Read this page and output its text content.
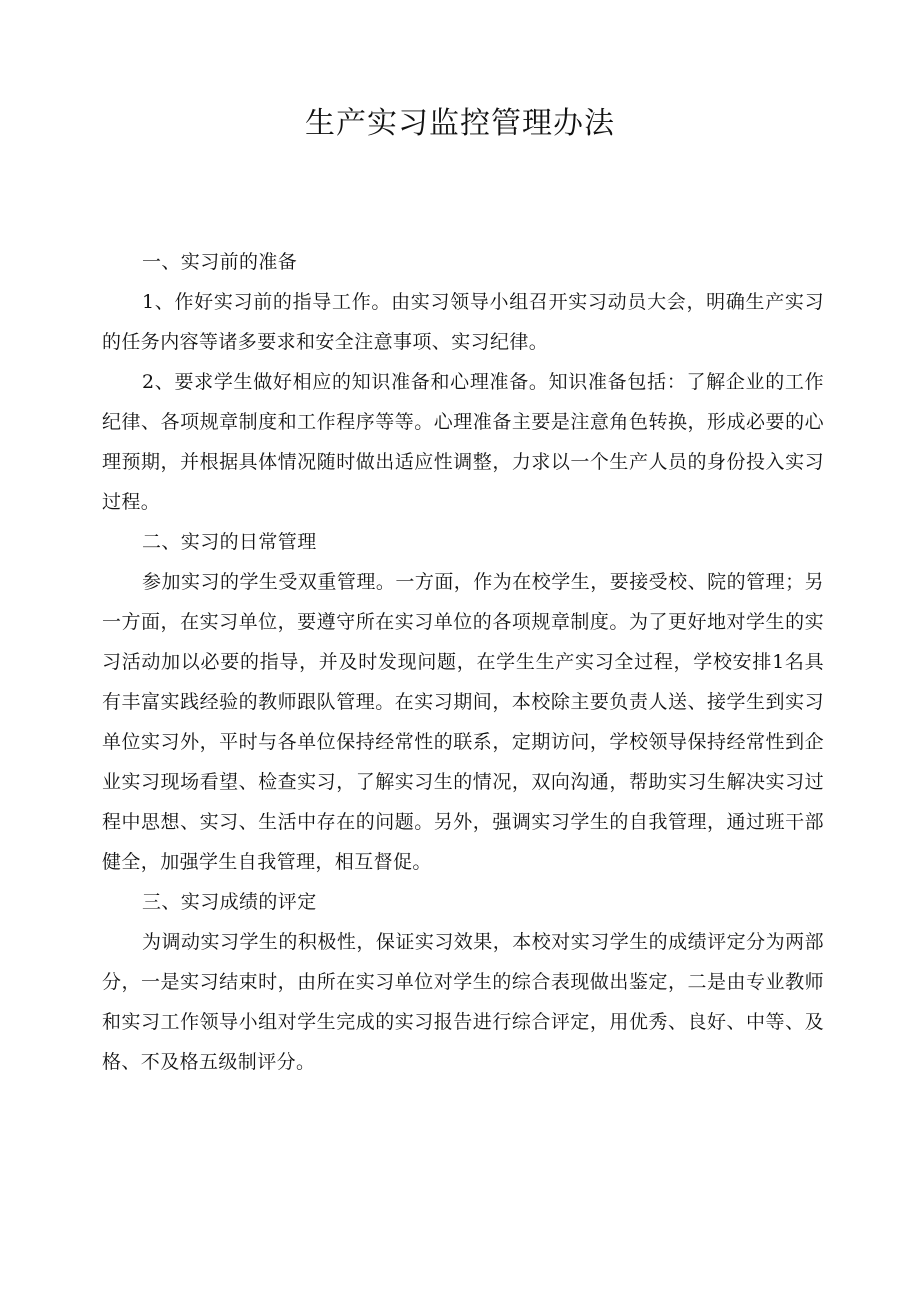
生产实习监控管理办法

一、实习前的准备

1、作好实习前的指导工作。由实习领导小组召开实习动员大会，明确生产实习的任务内容等诸多要求和安全注意事项、实习纪律。

2、要求学生做好相应的知识准备和心理准备。知识准备包括：了解企业的工作纪律、各项规章制度和工作程序等等。心理准备主要是注意角色转换，形成必要的心理预期，并根据具体情况随时做出适应性调整，力求以一个生产人员的身份投入实习过程。

二、实习的日常管理

参加实习的学生受双重管理。一方面，作为在校学生，要接受校、院的管理；另一方面，在实习单位，要遵守所在实习单位的各项规章制度。为了更好地对学生的实习活动加以必要的指导，并及时发现问题，在学生生产实习全过程，学校安排1名具有丰富实践经验的教师跟队管理。在实习期间，本校除主要负责人送、接学生到实习单位实习外，平时与各单位保持经常性的联系，定期访问，学校领导保持经常性到企业实习现场看望、检查实习，了解实习生的情况，双向沟通，帮助实习生解决实习过程中思想、实习、生活中存在的问题。另外，强调实习学生的自我管理，通过班干部健全，加强学生自我管理，相互督促。

三、实习成绩的评定

为调动实习学生的积极性，保证实习效果，本校对实习学生的成绩评定分为两部分，一是实习结束时，由所在实习单位对学生的综合表现做出鉴定，二是由专业教师和实习工作领导小组对学生完成的实习报告进行综合评定，用优秀、良好、中等、及格、不及格五级制评分。
